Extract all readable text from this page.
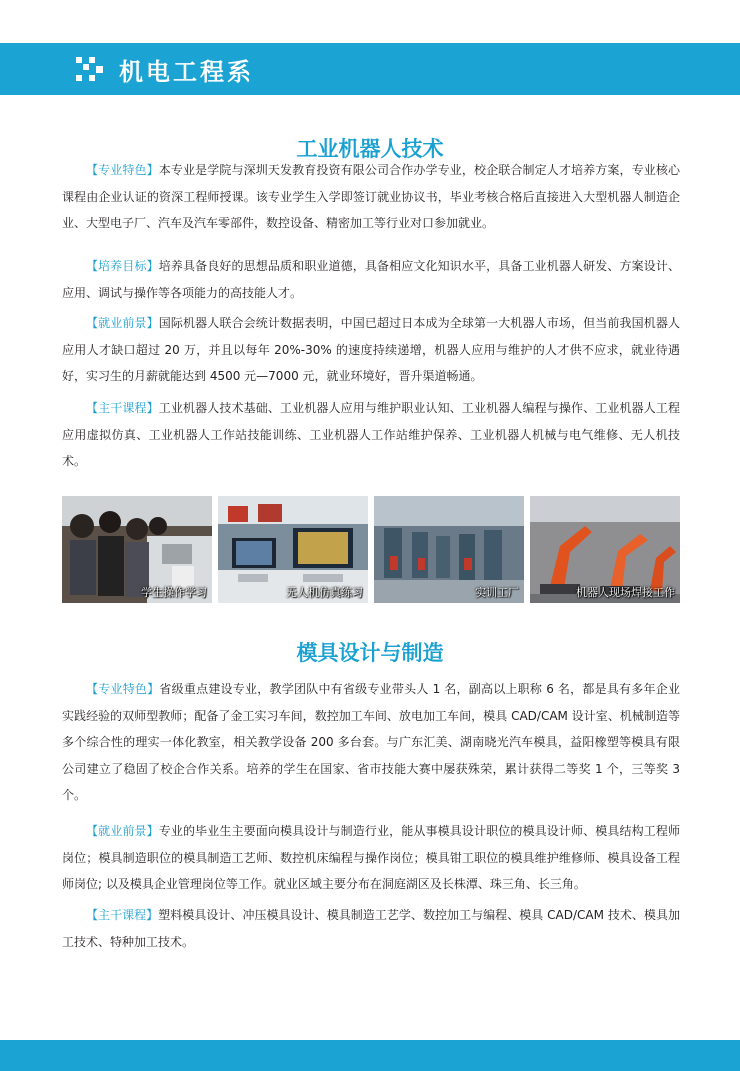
机电工程系
工业机器人技术

【专业特色】本专业是学院与深圳天发教育投资有限公司合作办学专业，校企联合制定人才培养方案，专业核心课程由企业认证的资深工程师授课。该专业学生入学即签订就业协议书，毕业考核合格后直接进入大型机器人制造企业、大型电子厂、汽车及汽车零部件，数控设备、精密加工等行业对口参加就业。

【培养目标】培养具备良好的思想品质和职业道德，具备相应文化知识水平，具备工业机器人研发、方案设计、应用、调试与操作等各项能力的高技能人才。

【就业前景】国际机器人联合会统计数据表明，中国已超过日本成为全球第一大机器人市场，但当前我国机器人应用人才缺口超过 20 万，并且以每年 20%-30% 的速度持续递增，机器人应用与维护的人才供不应求，就业待遇好，实习生的月薪就能达到 4500 元—7000 元，就业环境好，晋升渠道畅通。

【主干课程】工业机器人技术基础、工业机器人应用与维护职业认知、工业机器人编程与操作、工业机器人工程应用虚拟仿真、工业机器人工作站技能训练、工业机器人工作站维护保养、工业机器人机械与电气维修、无人机技术。

学生操作学习	无人机仿真练习	实训工厂	机器人现场焊接工作
模具设计与制造

【专业特色】省级重点建设专业，教学团队中有省级专业带头人 1 名，副高以上职称 6 名，都是具有多年企业实践经验的双师型教师；配备了金工实习车间，数控加工车间、放电加工车间，模具 CAD/CAM 设计室、机械制造等多个综合性的理实一体化教室，相关教学设备 200 多台套。与广东汇美、湖南晓光汽车模具，益阳橡塑等模具有限公司建立了稳固了校企合作关系。培养的学生在国家、省市技能大赛中屡获殊荣，累计获得二等奖 1 个，三等奖 3 个。

【就业前景】专业的毕业生主要面向模具设计与制造行业，能从事模具设计职位的模具设计师、模具结构工程师岗位；模具制造职位的模具制造工艺师、数控机床编程与操作岗位；模具钳工职位的模具维护维修师、模具设备工程师岗位; 以及模具企业管理岗位等工作。就业区域主要分布在洞庭湖区及长株潭、珠三角、长三角。

【主干课程】塑料模具设计、冲压模具设计、模具制造工艺学、数控加工与编程、模具 CAD/CAM 技术、模具加工技术、特种加工技术。
